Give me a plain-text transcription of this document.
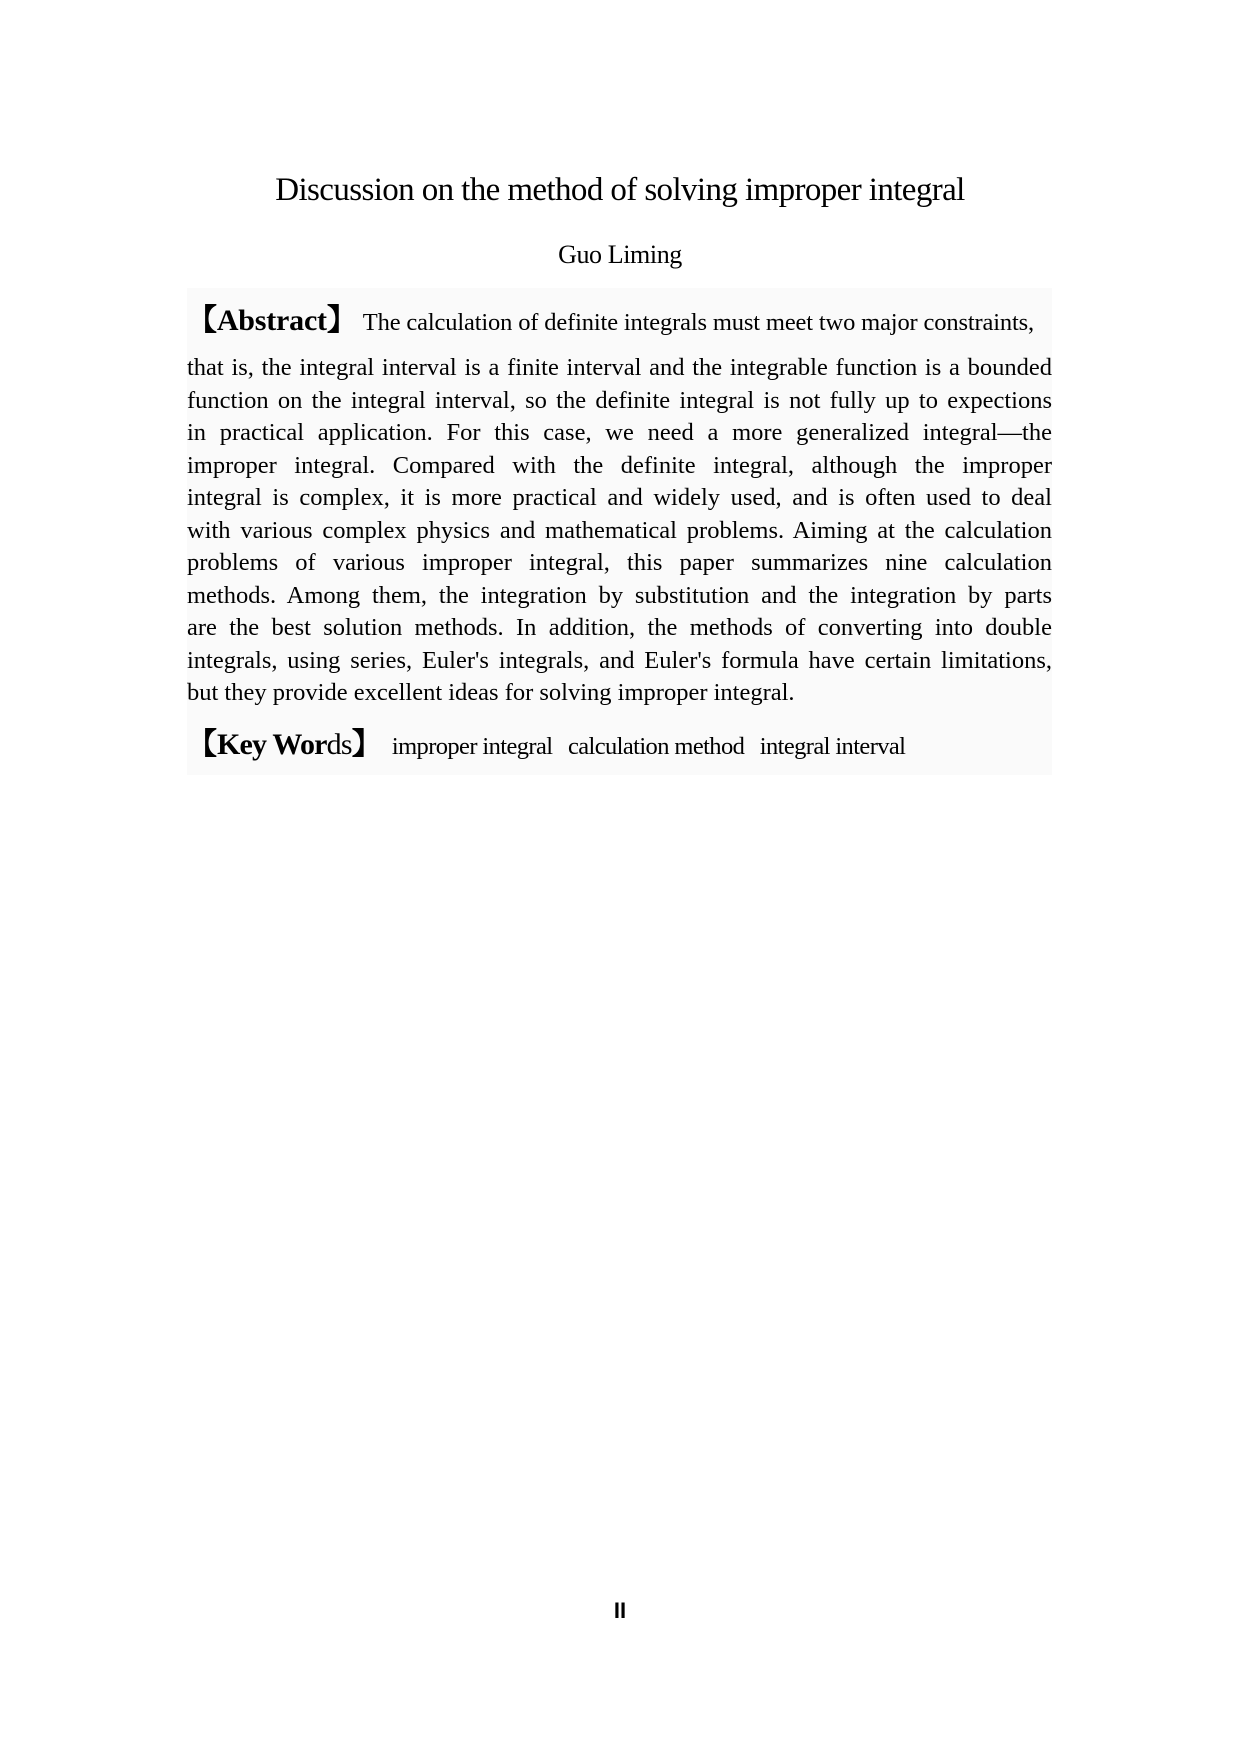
Discussion on the method of solving improper integral
Guo Liming
【Abstract】 The calculation of definite integrals must meet two major constraints,

that is, the integral interval is a finite interval and the integrable function is a bounded
function on the integral interval, so the definite integral is not fully up to expections
in practical application. For this case, we need a more generalized integral—the
improper integral. Compared with the definite integral, although the improper
integral is complex, it is more practical and widely used, and is often used to deal
with various complex physics and mathematical problems. Aiming at the calculation
problems of various improper integral, this paper summarizes nine calculation
methods. Among them, the integration by substitution and the integration by parts
are the best solution methods. In addition, the methods of converting into double
integrals, using series, Euler's integrals, and Euler's formula have certain limitations,
but they provide excellent ideas for solving improper integral.

【Key Words】 improper integral calculation method integral interval
II
